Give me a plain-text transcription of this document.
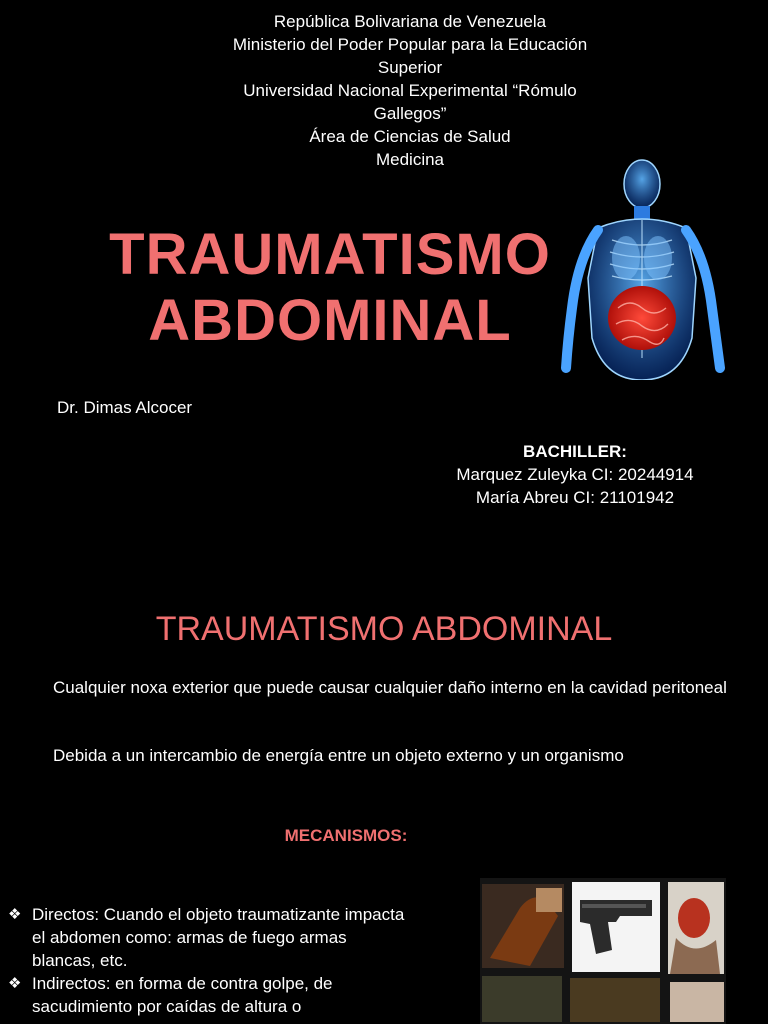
República Bolivariana de Venezuela
Ministerio del Poder Popular para la Educación
Superior
Universidad Nacional Experimental “Rómulo
Gallegos”
Área de Ciencias de Salud
Medicina
TRAUMATISMO
ABDOMINAL
Dr. Dimas Alcocer
BACHILLER:
Marquez Zuleyka CI: 20244914
María Abreu CI: 21101942
TRAUMATISMO ABDOMINAL
Cualquier noxa exterior que puede causar cualquier daño interno en la cavidad peritoneal
Debida a un intercambio de energía entre un objeto externo y un organismo
MECANISMOS:
❖ Directos: Cuando el objeto traumatizante impacta el abdomen como: armas de fuego armas blancas, etc.
❖ Indirectos: en forma de contra golpe, de sacudimiento por caídas de altura o
